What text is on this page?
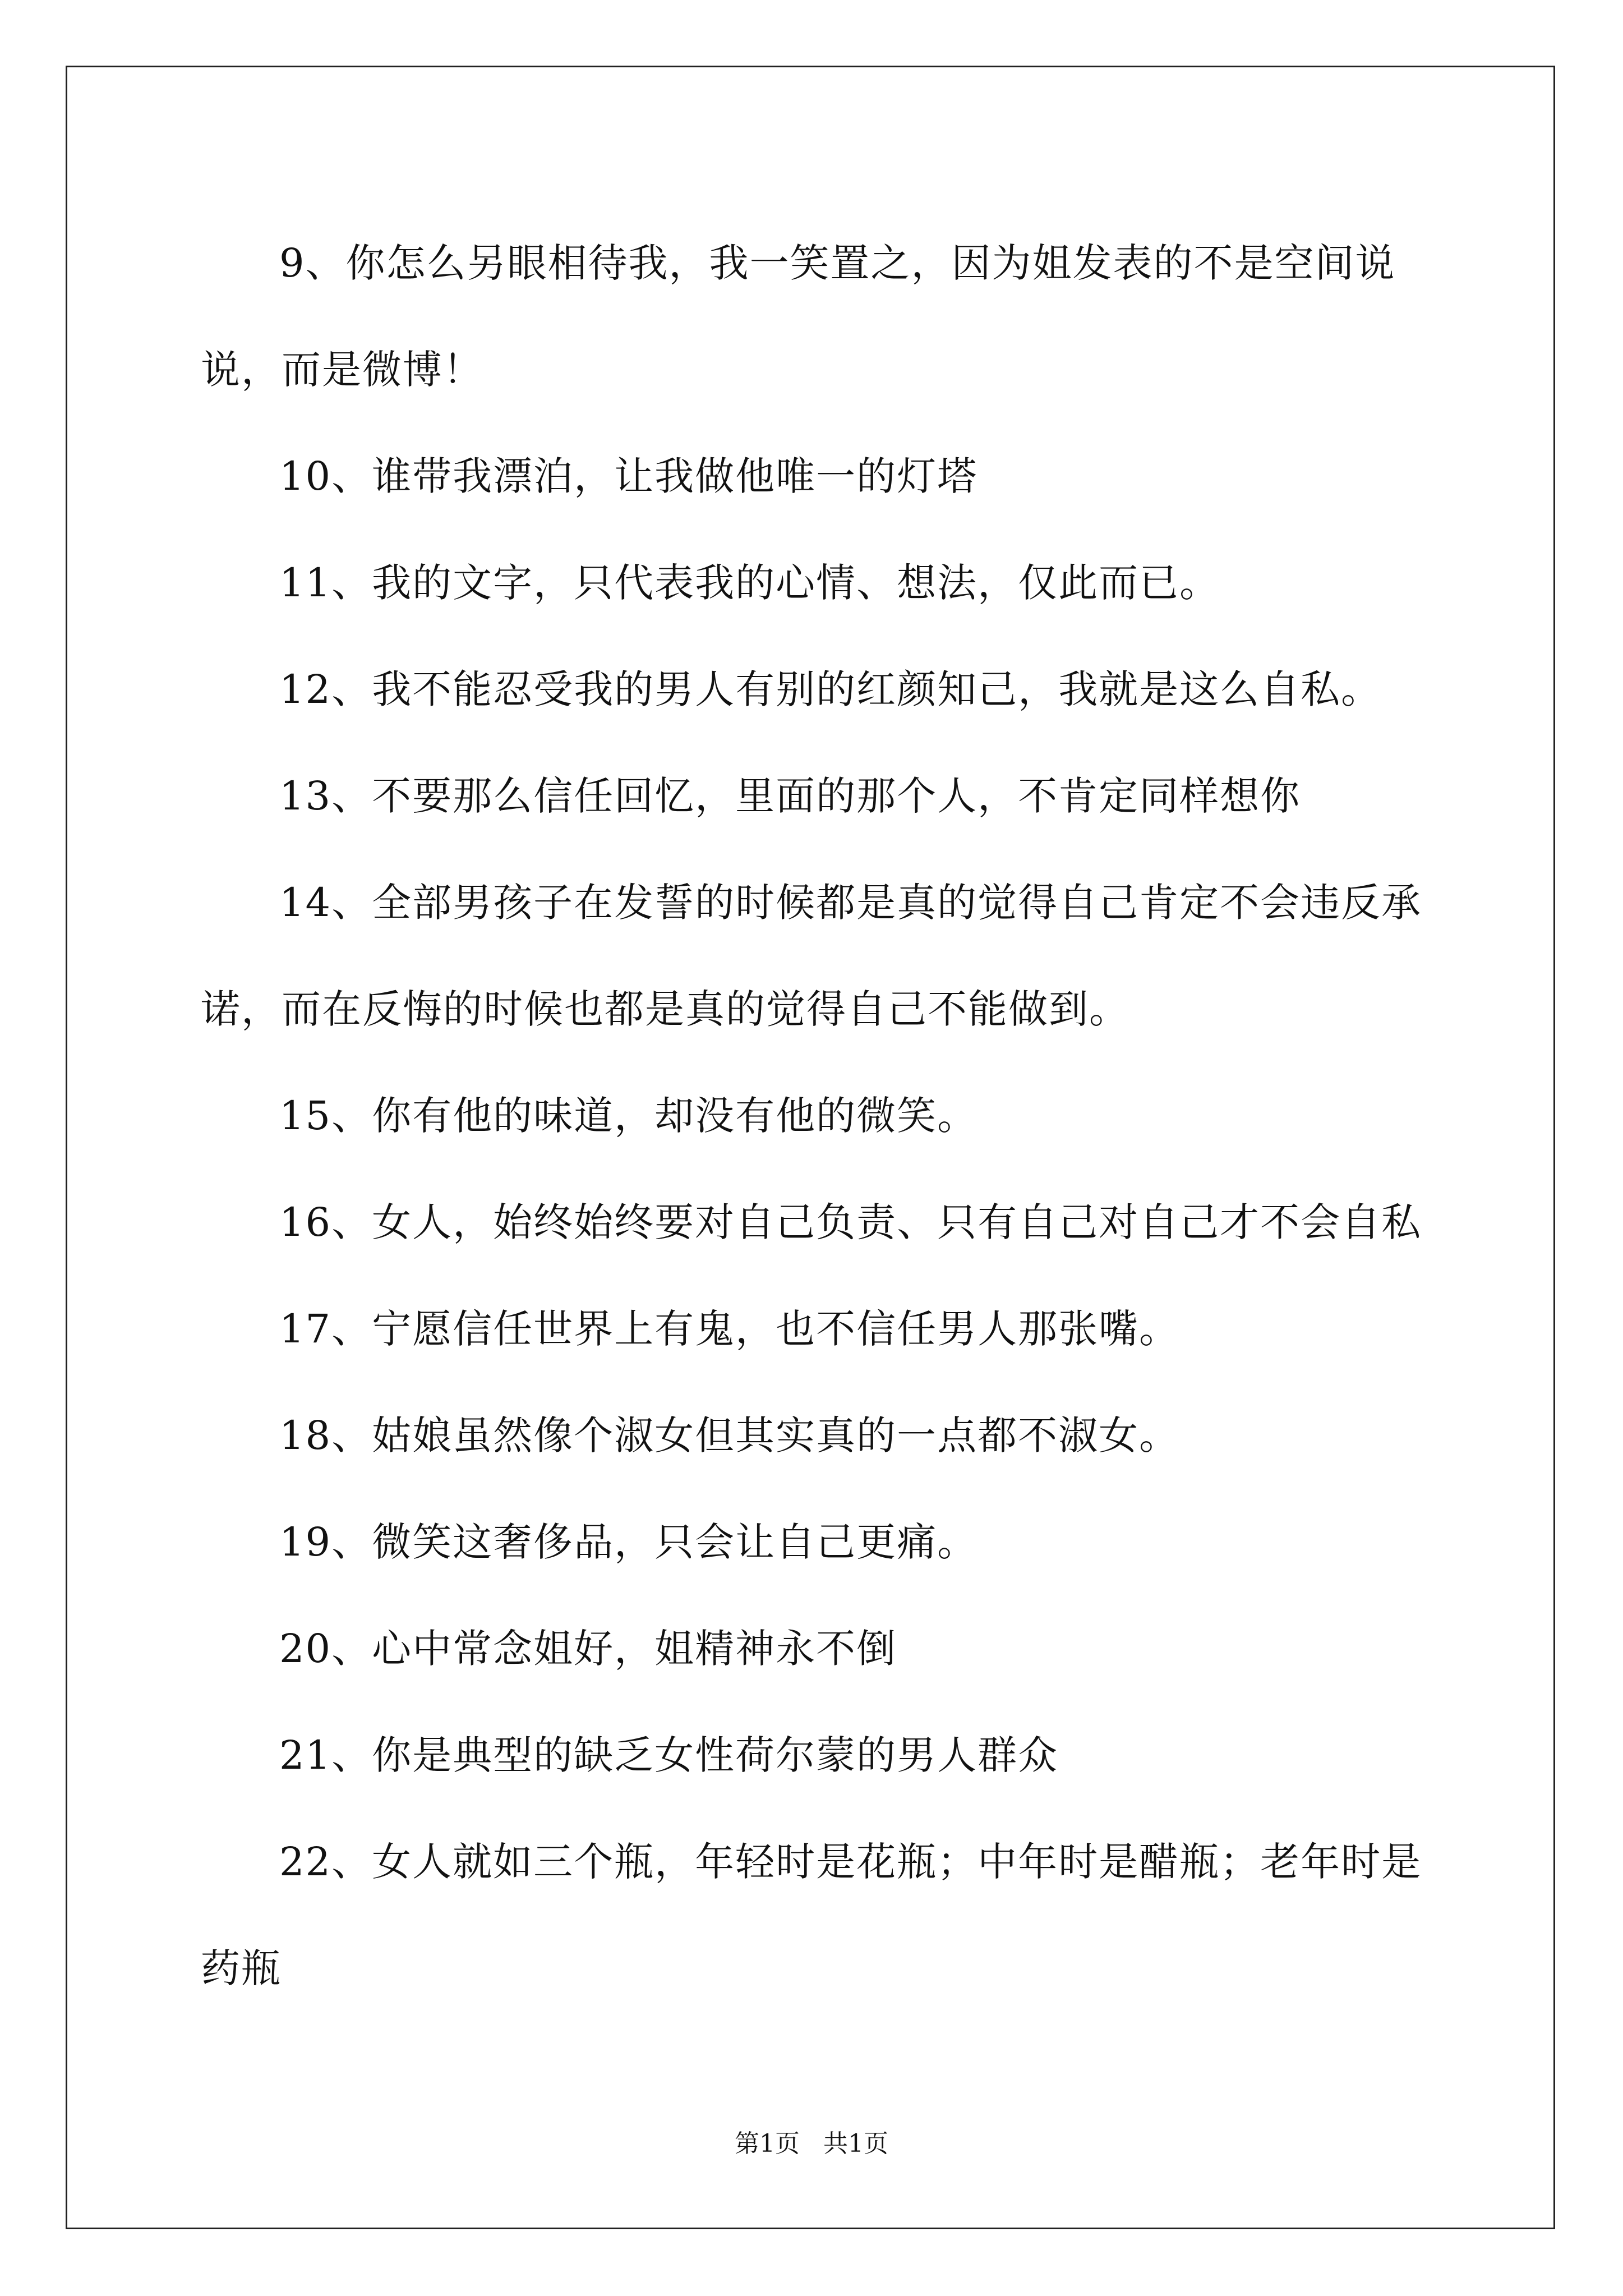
9、你怎么另眼相待我，我一笑置之，因为姐发表的不是空间说说，而是微博！
10、谁带我漂泊，让我做他唯一的灯塔
11、我的文字，只代表我的心情、想法，仅此而已。
12、我不能忍受我的男人有别的红颜知己，我就是这么自私。
13、不要那么信任回忆，里面的那个人，不肯定同样想你
14、全部男孩子在发誓的时候都是真的觉得自己肯定不会违反承诺，而在反悔的时候也都是真的觉得自己不能做到。
15、你有他的味道，却没有他的微笑。
16、女人，始终始终要对自己负责、只有自己对自己才不会自私
17、宁愿信任世界上有鬼，也不信任男人那张嘴。
18、姑娘虽然像个淑女但其实真的一点都不淑女。
19、微笑这奢侈品，只会让自己更痛。
20、心中常念姐好，姐精神永不倒
21、你是典型的缺乏女性荷尔蒙的男人群众
22、女人就如三个瓶，年轻时是花瓶；中年时是醋瓶；老年时是药瓶
第1页   共1页
